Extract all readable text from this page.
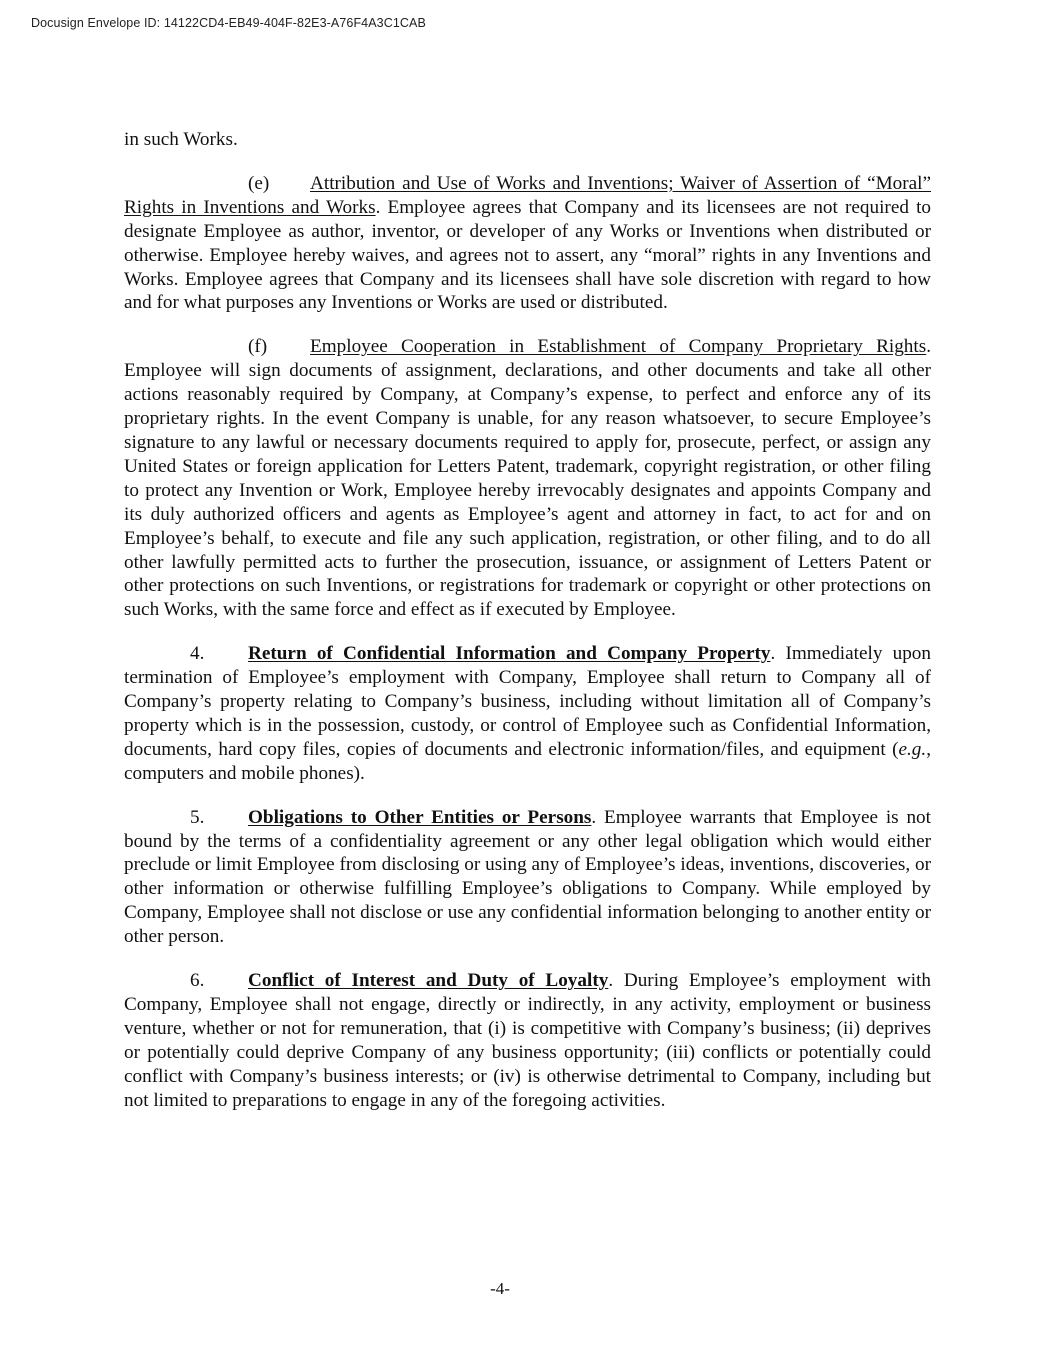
Docusign Envelope ID: 14122CD4-EB49-404F-82E3-A76F4A3C1CAB

in such Works.

(e) Attribution and Use of Works and Inventions; Waiver of Assertion of “Moral” Rights in Inventions and Works. Employee agrees that Company and its licensees are not required to designate Employee as author, inventor, or developer of any Works or Inventions when distributed or otherwise. Employee hereby waives, and agrees not to assert, any “moral” rights in any Inventions and Works. Employee agrees that Company and its licensees shall have sole discretion with regard to how and for what purposes any Inventions or Works are used or distributed.

(f) Employee Cooperation in Establishment of Company Proprietary Rights. Employee will sign documents of assignment, declarations, and other documents and take all other actions reasonably required by Company, at Company’s expense, to perfect and enforce any of its proprietary rights. In the event Company is unable, for any reason whatsoever, to secure Employee’s signature to any lawful or necessary documents required to apply for, prosecute, perfect, or assign any United States or foreign application for Letters Patent, trademark, copyright registration, or other filing to protect any Invention or Work, Employee hereby irrevocably designates and appoints Company and its duly authorized officers and agents as Employee’s agent and attorney in fact, to act for and on Employee’s behalf, to execute and file any such application, registration, or other filing, and to do all other lawfully permitted acts to further the prosecution, issuance, or assignment of Letters Patent or other protections on such Inventions, or registrations for trademark or copyright or other protections on such Works, with the same force and effect as if executed by Employee.

4. Return of Confidential Information and Company Property. Immediately upon termination of Employee’s employment with Company, Employee shall return to Company all of Company’s property relating to Company’s business, including without limitation all of Company’s property which is in the possession, custody, or control of Employee such as Confidential Information, documents, hard copy files, copies of documents and electronic information/files, and equipment (e.g., computers and mobile phones).

5. Obligations to Other Entities or Persons. Employee warrants that Employee is not bound by the terms of a confidentiality agreement or any other legal obligation which would either preclude or limit Employee from disclosing or using any of Employee’s ideas, inventions, discoveries, or other information or otherwise fulfilling Employee’s obligations to Company. While employed by Company, Employee shall not disclose or use any confidential information belonging to another entity or other person.

6. Conflict of Interest and Duty of Loyalty. During Employee’s employment with Company, Employee shall not engage, directly or indirectly, in any activity, employment or business venture, whether or not for remuneration, that (i) is competitive with Company’s business; (ii) deprives or potentially could deprive Company of any business opportunity; (iii) conflicts or potentially could conflict with Company’s business interests; or (iv) is otherwise detrimental to Company, including but not limited to preparations to engage in any of the foregoing activities.

-4-
